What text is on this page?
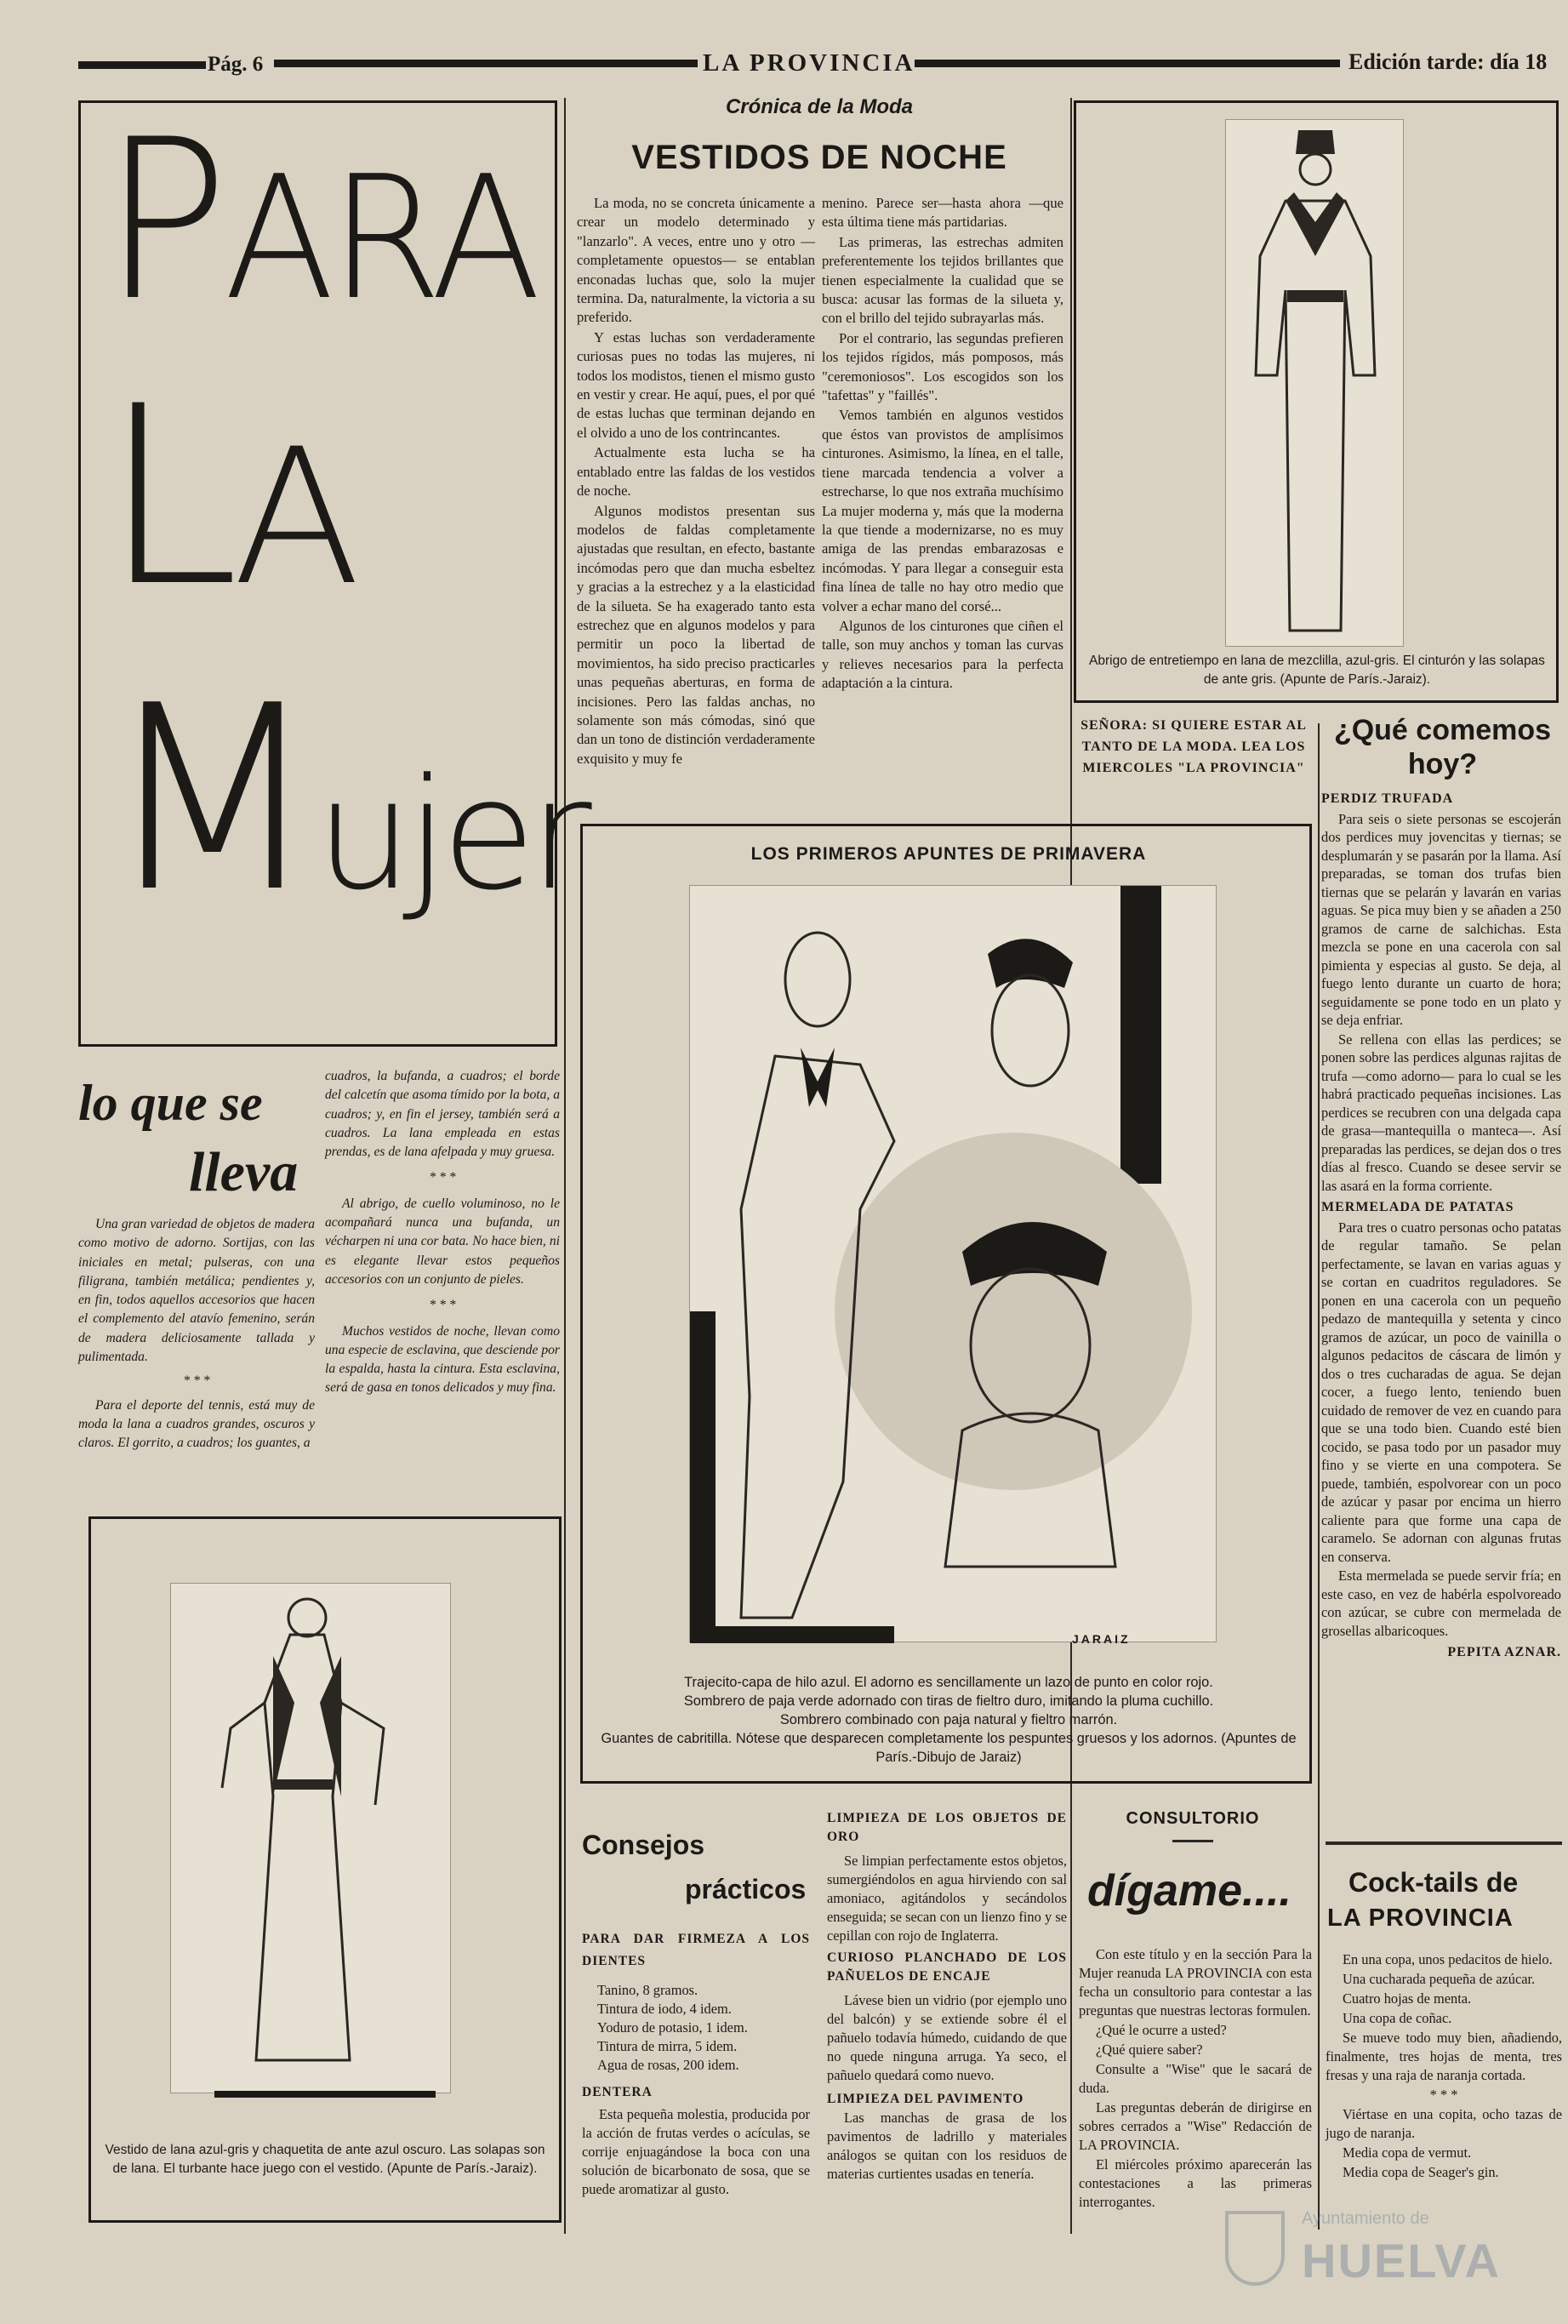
Pág. 6	LA PROVINCIA	Edición tarde: día 18
PARA
LA
Mujer
lo que se
lleva

Una gran variedad de objetos de madera como motivo de adorno. Sortijas, con las iniciales en metal; pulseras, con una filigrana, también metálica; pendientes y, en fin, todos aquellos accesorios que hacen el complemento del atavío femenino, serán de madera deliciosamente tallada y pulimentada.

* * *

Para el deporte del tennis, está muy de moda la lana a cuadros grandes, oscuros y claros. El gorrito, a cuadros; los guantes, a

cuadros, la bufanda, a cuadros; el borde del calcetín que asoma tímido por la bota, a cuadros; y, en fin el jersey, también será a cuadros. La lana empleada en estas prendas, es de lana afelpada y muy gruesa.

* * *

Al abrigo, de cuello voluminoso, no le acompañará nunca una bufanda, un vécharpen ni una cor bata. No hace bien, ni es elegante llevar estos pequeños accesorios con un conjunto de pieles.

* * *

Muchos vestidos de noche, llevan como una especie de esclavina, que desciende por la espalda, hasta la cintura. Esta esclavina, será de gasa en tonos delicados y muy fina.

Vestido de lana azul-gris y chaquetita de ante azul oscuro. Las solapas son de lana. El turbante hace juego con el vestido. (Apunte de París.-Jaraiz).
Crónica de la Moda
VESTIDOS DE NOCHE

La moda, no se concreta únicamente a crear un modelo determinado y "lanzarlo". A veces, entre uno y otro —completamente opuestos— se entablan enconadas luchas que, solo la mujer termina. Da, naturalmente, la victoria a su preferido.

Y estas luchas son verdaderamente curiosas pues no todas las mujeres, ni todos los modistos, tienen el mismo gusto en vestir y crear. He aquí, pues, el por qué de estas luchas que terminan dejando en el olvido a uno de los contrincantes.

Actualmente esta lucha se ha entablado entre las faldas de los vestidos de noche.

Algunos modistos presentan sus modelos de faldas completamente ajustadas que resultan, en efecto, bastante incómodas pero que dan mucha esbeltez y gracias a la estrechez y a la elasticidad de la silueta. Se ha exagerado tanto esta estrechez que en algunos modelos y para permitir un poco la libertad de movimientos, ha sido preciso practicarles unas pequeñas aberturas, en forma de incisiones. Pero las faldas anchas, no solamente son más cómodas, sinó que dan un tono de distinción verdaderamente exquisito y muy fe

menino. Parece ser—hasta ahora —que esta última tiene más partidarias.

Las primeras, las estrechas admiten preferentemente los tejidos brillantes que tienen especialmente la cualidad que se busca: acusar las formas de la silueta y, con el brillo del tejido subrayarlas más.

Por el contrario, las segundas prefieren los tejidos rígidos, más pomposos, más "ceremoniosos". Los escogidos son los "tafettas" y "faillés".

Vemos también en algunos vestidos que éstos van provistos de amplísimos cinturones. Asimismo, la línea, en el talle, tiene marcada tendencia a volver a estrecharse, lo que nos extraña muchísimo La mujer moderna y, más que la moderna la que tiende a modernizarse, no es muy amiga de las prendas embarazosas e incómodas. Y para llegar a conseguir esta fina línea de talle no hay otro medio que volver a echar mano del corsé...

Algunos de los cinturones que ciñen el talle, son muy anchos y toman las curvas y relieves necesarios para la perfecta adaptación a la cintura.

Abrigo de entretiempo en lana de mezclilla, azul-gris. El cinturón y las solapas de ante gris. (Apunte de París.-Jaraiz).
SEÑORA: SI QUIERE ESTAR AL TANTO DE LA MODA. LEA LOS MIERCOLES "LA PROVINCIA"
LOS PRIMEROS APUNTES DE PRIMAVERA
JARAIZ
Trajecito-capa de hilo azul. El adorno es sencillamente un lazo de punto en color rojo.
Sombrero de paja verde adornado con tiras de fieltro duro, imitando la pluma cuchillo.
Sombrero combinado con paja natural y fieltro marrón.
Guantes de cabritilla. Nótese que desparecen completamente los pespuntes gruesos y los adornos. (Apuntes de París.-Dibujo de Jaraiz)
¿Qué comemos hoy?
PERDIZ TRUFADA

Para seis o siete personas se escojerán dos perdices muy jovencitas y tiernas; se desplumarán y se pasarán por la llama. Así preparadas, se toman dos trufas bien tiernas que se pelarán y lavarán en varias aguas. Se pica muy bien y se añaden a 250 gramos de carne de salchichas. Esta mezcla se pone en una cacerola con sal pimienta y especias al gusto. Se deja, al fuego lento durante un cuarto de hora; seguidamente se pone todo en un plato y se deja enfriar.

Se rellena con ellas las perdices; se ponen sobre las perdices algunas rajitas de trufa —como adorno— para lo cual se les habrá practicado pequeñas incisiones. Las perdices se recubren con una delgada capa de grasa—mantequilla o manteca—. Así preparadas las perdices, se dejan dos o tres días al fresco. Cuando se desee servir se las asará en la forma corriente.

MERMELADA DE PATATAS

Para tres o cuatro personas ocho patatas de regular tamaño. Se pelan perfectamente, se lavan en varias aguas y se cortan en cuadritos reguladores. Se ponen en una cacerola con un pequeño pedazo de mantequilla y setenta y cinco gramos de azúcar, un poco de vainilla o algunos pedacitos de cáscara de limón y dos o tres cucharadas de agua. Se dejan cocer, a fuego lento, teniendo buen cuidado de remover de vez en cuando para que se una todo bien. Cuando esté bien cocido, se pasa todo por un pasador muy fino y se vierte en una compotera. Se puede, también, espolvorear con un poco de azúcar y pasar por encima un hierro caliente para que forme una capa de caramelo. Se adornan con algunas frutas en conserva.

Esta mermelada se puede servir fría; en este caso, en vez de habérla espolvoreado con azúcar, se cubre con mermelada de grosellas albaricoques.

PEPITA AZNAR.
Cock-tails de
LA PROVINCIA

En una copa, unos pedacitos de hielo.

Una cucharada pequeña de azúcar.

Cuatro hojas de menta.

Una copa de coñac.

Se mueve todo muy bien, añadiendo, finalmente, tres hojas de menta, tres fresas y una raja de naranja cortada.

* * *

Viértase en una copita, ocho tazas de jugo de naranja.

Media copa de vermut.

Media copa de Seager's gin.

Consejos
prácticos
PARA DAR FIRMEZA A LOS DIENTES
Tanino, 8 gramos.
Tintura de iodo, 4 idem.
Yoduro de potasio, 1 idem.
Tintura de mirra, 5 idem.
Agua de rosas, 200 idem.
DENTERA

Esta pequeña molestia, producida por la acción de frutas verdes o acículas, se corrije enjuagándose la boca con una solución de bicarbonato de sosa, que se puede aromatizar al gusto.

LIMPIEZA DE LOS OBJETOS DE ORO

Se limpian perfectamente estos objetos, sumergiéndolos en agua hirviendo con sal amoniaco, agitándolos y secándolos enseguida; se secan con un lienzo fino y se cepillan con rojo de Inglaterra.

CURIOSO PLANCHADO DE LOS PAÑUELOS DE ENCAJE

Lávese bien un vidrio (por ejemplo uno del balcón) y se extiende sobre él el pañuelo todavía húmedo, cuidando de que no quede ninguna arruga. Ya seco, el pañuelo quedará como nuevo.

LIMPIEZA DEL PAVIMENTO

Las manchas de grasa de los pavimentos de ladrillo y materiales análogos se quitan con los residuos de materias curtientes usadas en tenería.

CONSULTORIO
dígame....

Con este título y en la sección Para la Mujer reanuda LA PROVINCIA con esta fecha un consultorio para contestar a las preguntas que nuestras lectoras formulen.

¿Qué le ocurre a usted?

¿Qué quiere saber?

Consulte a "Wise" que le sacará de duda.

Las preguntas deberán de dirigirse en sobres cerrados a "Wise" Redacción de LA PROVINCIA.

El miércoles próximo aparecerán las contestaciones a las primeras interrogantes.

Ayuntamiento de
HUELVA
